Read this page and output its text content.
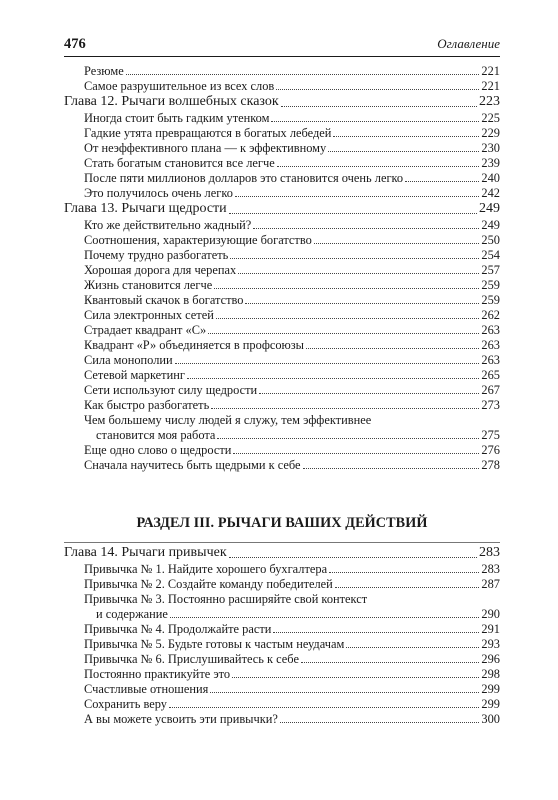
476	Оглавление
Резюме	221
Самое разрушительное из всех слов	221
Глава 12. Рычаги волшебных сказок	223
Иногда стоит быть гадким утенком	225
Гадкие утята превращаются в богатых лебедей	229
От неэффективного плана — к эффективному	230
Стать богатым становится все легче	239
После пяти миллионов долларов это становится очень легко	240
Это получилось очень легко	242
Глава 13. Рычаги щедрости	249
Кто же действительно жадный?	249
Соотношения, характеризующие богатство	250
Почему трудно разбогатеть	254
Хорошая дорога для черепах	257
Жизнь становится легче	259
Квантовый скачок в богатство	259
Сила электронных сетей	262
Страдает квадрант «С»	263
Квадрант «Р» объединяется в профсоюзы	263
Сила монополии	263
Сетевой маркетинг	265
Сети используют силу щедрости	267
Как быстро разбогатеть	273
Чем большему числу людей я служу, тем эффективнее
становится моя работа	275
Еще одно слово о щедрости	276
Сначала научитесь быть щедрыми к себе	278
РАЗДЕЛ III. РЫЧАГИ ВАШИХ ДЕЙСТВИЙ
Глава 14. Рычаги привычек	283
Привычка № 1. Найдите хорошего бухгалтера	283
Привычка № 2. Создайте команду победителей	287
Привычка № 3. Постоянно расширяйте свой контекст
и содержание	290
Привычка № 4. Продолжайте расти	291
Привычка № 5. Будьте готовы к частым неудачам	293
Привычка № 6. Прислушивайтесь к себе	296
Постоянно практикуйте это	298
Счастливые отношения	299
Сохранить веру	299
А вы можете усвоить эти привычки?	300
